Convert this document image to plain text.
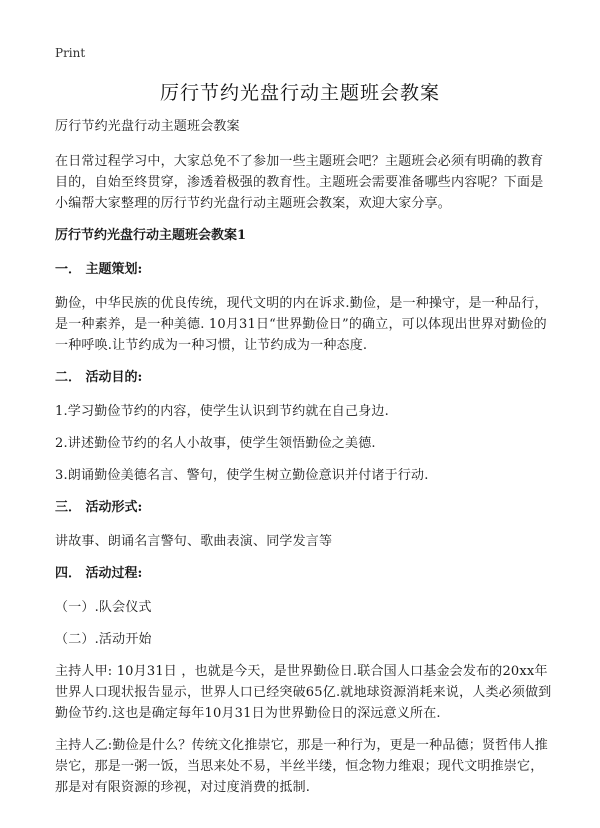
Print
厉行节约光盘行动主题班会教案
厉行节约光盘行动主题班会教案
在日常过程学习中，大家总免不了参加一些主题班会吧？主题班会必须有明确的教育目的，自始至终贯穿，渗透着极强的教育性。主题班会需要准备哪些内容呢？下面是小编帮大家整理的厉行节约光盘行动主题班会教案，欢迎大家分享。
厉行节约光盘行动主题班会教案1
一． 主题策划:
勤俭，中华民族的优良传统，现代文明的内在诉求.勤俭，是一种操守，是一种品行，是一种素养，是一种美德. 10月31日“世界勤俭日”的确立，可以体现出世界对勤俭的一种呼唤.让节约成为一种习惯，让节约成为一种态度.
二． 活动目的:
1.学习勤俭节约的内容，使学生认识到节约就在自己身边.
2.讲述勤俭节约的名人小故事，使学生领悟勤俭之美德.
3.朗诵勤俭美德名言、警句，使学生树立勤俭意识并付诸于行动.
三． 活动形式:
讲故事、朗诵名言警句、歌曲表演、同学发言等
四． 活动过程:
（一）.队会仪式
（二）.活动开始
主持人甲: 10月31日 ，也就是今天，是世界勤俭日.联合国人口基金会发布的20xx年世界人口现状报告显示，世界人口已经突破65亿.就地球资源消耗来说，人类必须做到勤俭节约.这也是确定每年10月31日为世界勤俭日的深远意义所在.
主持人乙:勤俭是什么？传统文化推崇它，那是一种行为，更是一种品德；贤哲伟人推崇它，那是一粥一饭，当思来处不易，半丝半缕，恒念物力维艰；现代文明推崇它，那是对有限资源的珍视，对过度消费的抵制.
